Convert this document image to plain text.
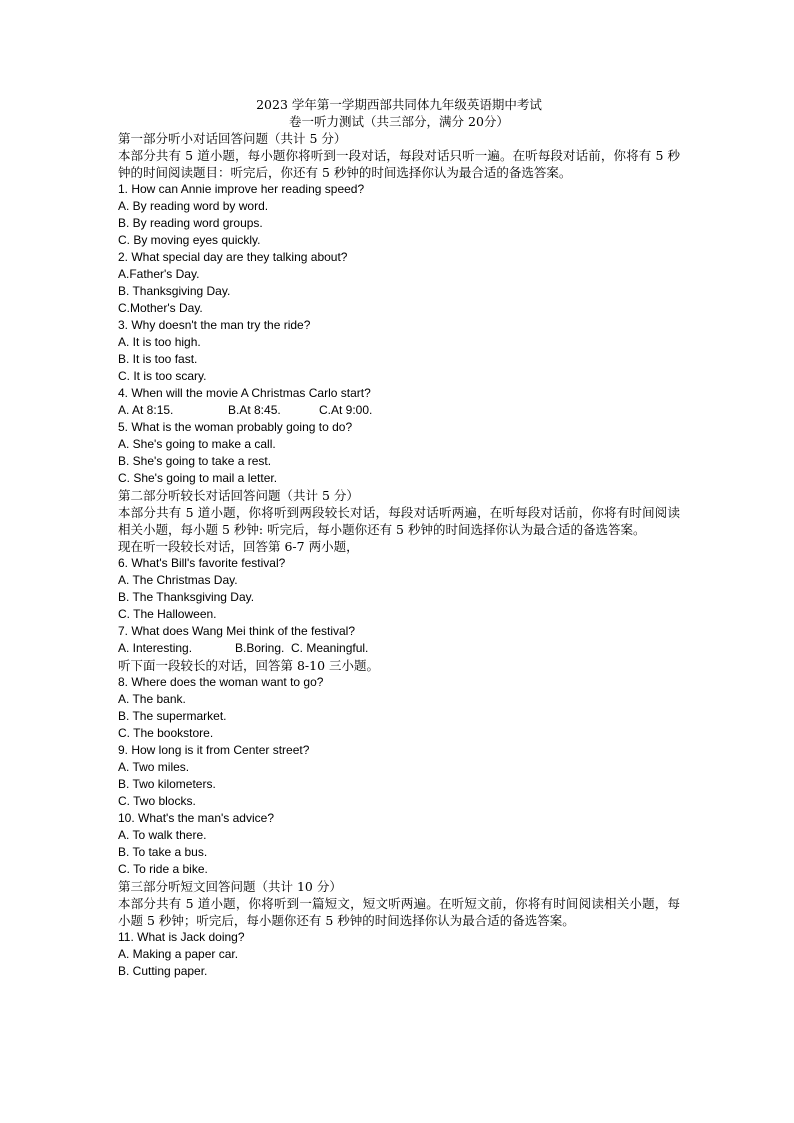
2023 学年第一学期西部共同体九年级英语期中考试
卷一听力测试（共三部分，满分 20分）
第一部分听小对话回答问题（共计 5 分）
本部分共有 5 道小题，每小题你将听到一段对话，每段对话只听一遍。在听每段对话前，你将有 5 秒钟的时间阅读题目：听完后，你还有 5 秒钟的时间选择你认为最合适的备选答案。
1. How can Annie improve her reading speed?
A. By reading word by word.
B. By reading word groups.
C. By moving eyes quickly.
2. What special day are they talking about?
A.Father's Day.
B. Thanksgiving Day.
C.Mother's Day.
3. Why doesn't the man try the ride?
A. It is too high.
B. It is too fast.
C. It is too scary.
4. When will the movie A Christmas Carlo start?
A. At 8:15.	B.At 8:45.	C.At 9:00.
5. What is the woman probably going to do?
A. She's going to make a call.
B. She's going to take a rest.
C. She's going to mail a letter.
第二部分听较长对话回答问题（共计 5 分）
本部分共有 5 道小题，你将听到两段较长对话，每段对话听两遍，在听每段对话前，你将有时间阅读相关小题，每小题 5 秒钟: 听完后，每小题你还有 5 秒钟的时间选择你认为最合适的备选答案。
现在听一段较长对话，回答第 6-7 两小题，
6. What's Bill's favorite festival?
A. The Christmas Day.
B. The Thanksgiving Day.
C. The Halloween.
7. What does Wang Mei think of the festival?
A. Interesting.	B.Boring. C. Meaningful.
听下面一段较长的对话，回答第 8-10 三小题。
8. Where does the woman want to go?
A. The bank.
B. The supermarket.
C. The bookstore.
9. How long is it from Center street?
A. Two miles.
B. Two kilometers.
C. Two blocks.
10. What's the man's advice?
A. To walk there.
B. To take a bus.
C. To ride a bike.
第三部分听短文回答问题（共计 10 分）
本部分共有 5 道小题，你将听到一篇短文，短文听两遍。在听短文前，你将有时间阅读相关小题，每小题 5 秒钟；听完后，每小题你还有 5 秒钟的时间选择你认为最合适的备选答案。
11. What is Jack doing?
A. Making a paper car.
B. Cutting paper.
